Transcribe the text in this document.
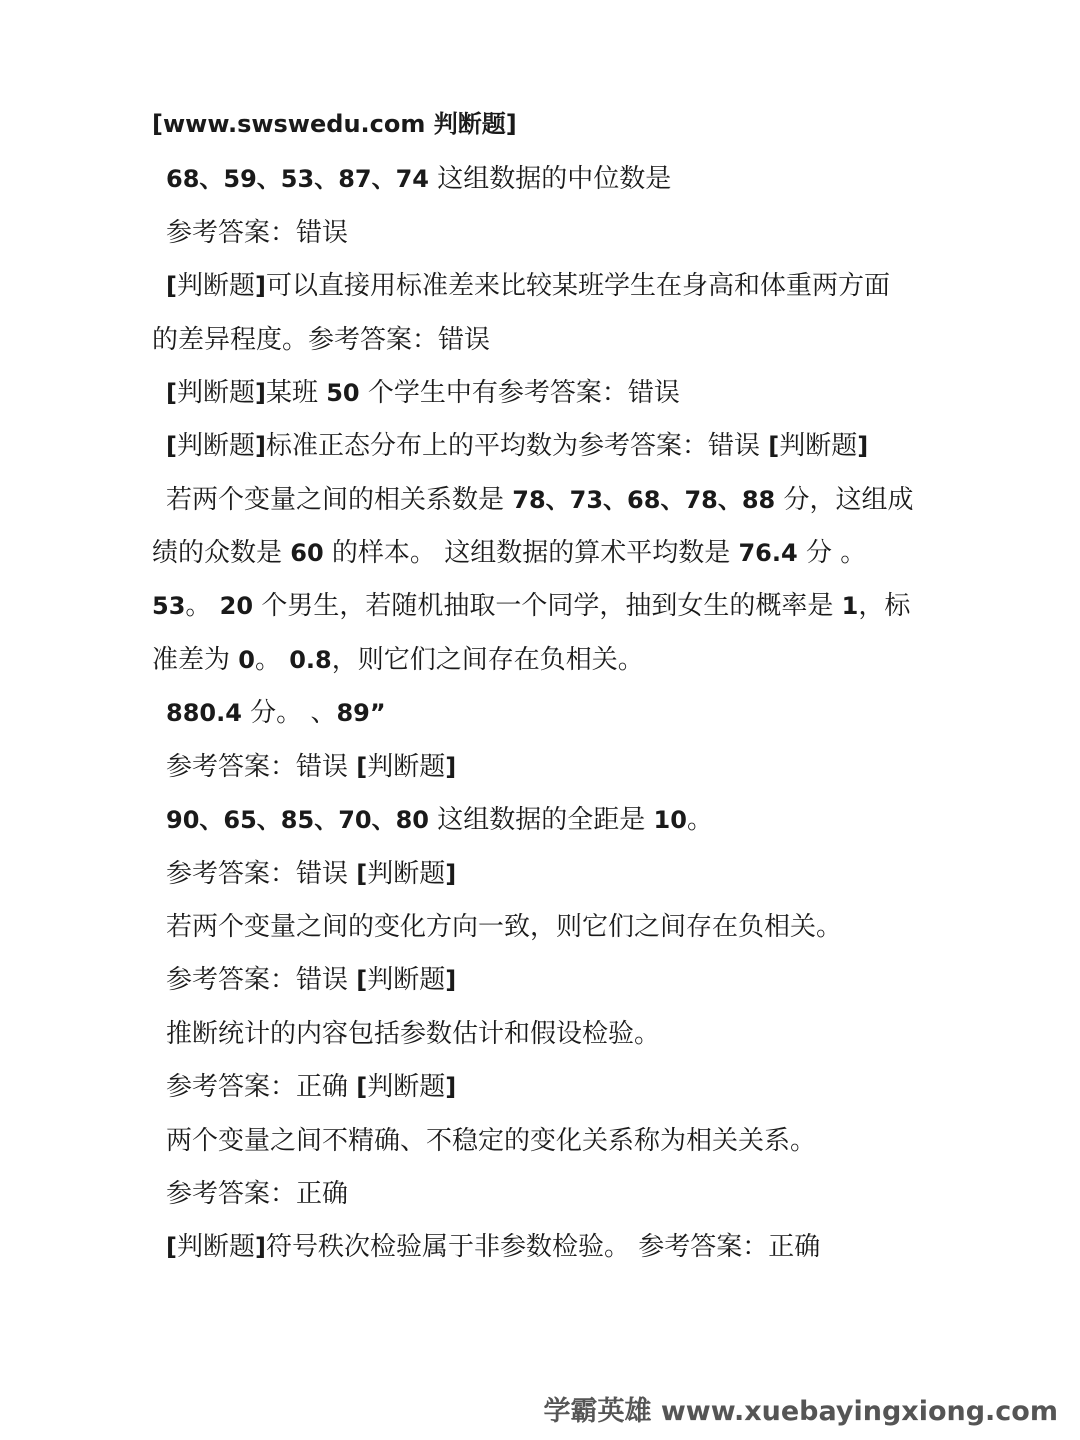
[www.swswedu.com 判断题]
68、59、53、87、74 这组数据的中位数是
参考答案：错误
[判断题]可以直接用标准差来比较某班学生在身高和体重两方面
的差异程度。参考答案：错误
[判断题]某班 50 个学生中有参考答案：错误
[判断题]标准正态分布上的平均数为参考答案：错误 [判断题]
若两个变量之间的相关系数是 78、73、68、78、88 分，这组成
绩的众数是 60 的样本。 这组数据的算术平均数是 76.4 分 。
53。 20 个男生，若随机抽取一个同学，抽到女生的概率是 1，标
准差为 0。 0.8，则它们之间存在负相关。
880.4 分。 、89”
参考答案：错误 [判断题]
90、65、85、70、80 这组数据的全距是 10。
参考答案：错误 [判断题]
若两个变量之间的变化方向一致，则它们之间存在负相关。
参考答案：错误 [判断题]
推断统计的内容包括参数估计和假设检验。
参考答案：正确 [判断题]
两个变量之间不精确、不稳定的变化关系称为相关关系。
参考答案：正确
[判断题]符号秩次检验属于非参数检验。 参考答案：正确
学霸英雄 www.xuebayingxiong.com
